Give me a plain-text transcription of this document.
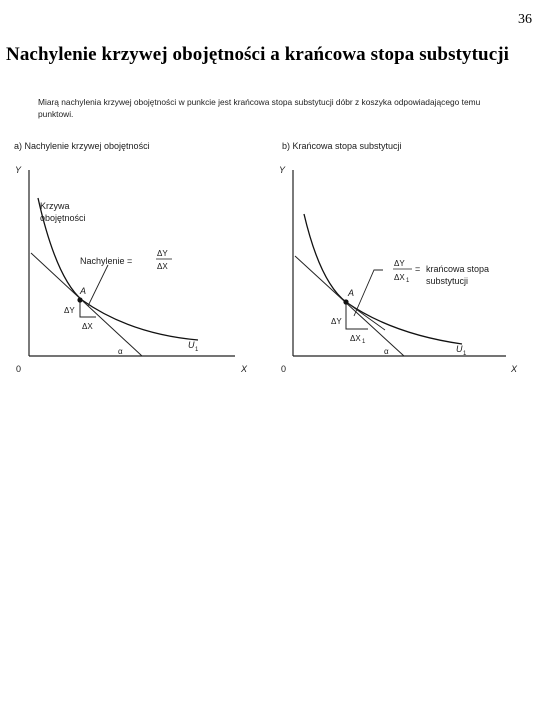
36
Nachylenie krzywej obojętności a krańcowa stopa substytucji
Miarą nachylenia krzywej obojętności w punkcie jest krańcowa stopa substytucji dóbr z koszyka odpowiadającego temu punktowi.
a) Nachylenie krzywej obojętności
Y
X
0
A
Krzywa
obojętności
Nachylenie =
ΔY
ΔX
ΔY
ΔX
α
U 1
b) Krańcowa stopa substytucji
Y
X
0
A
ΔY
ΔX 1
= krańcowa stopa
substytucji
ΔY
ΔX 1
α	U 1
